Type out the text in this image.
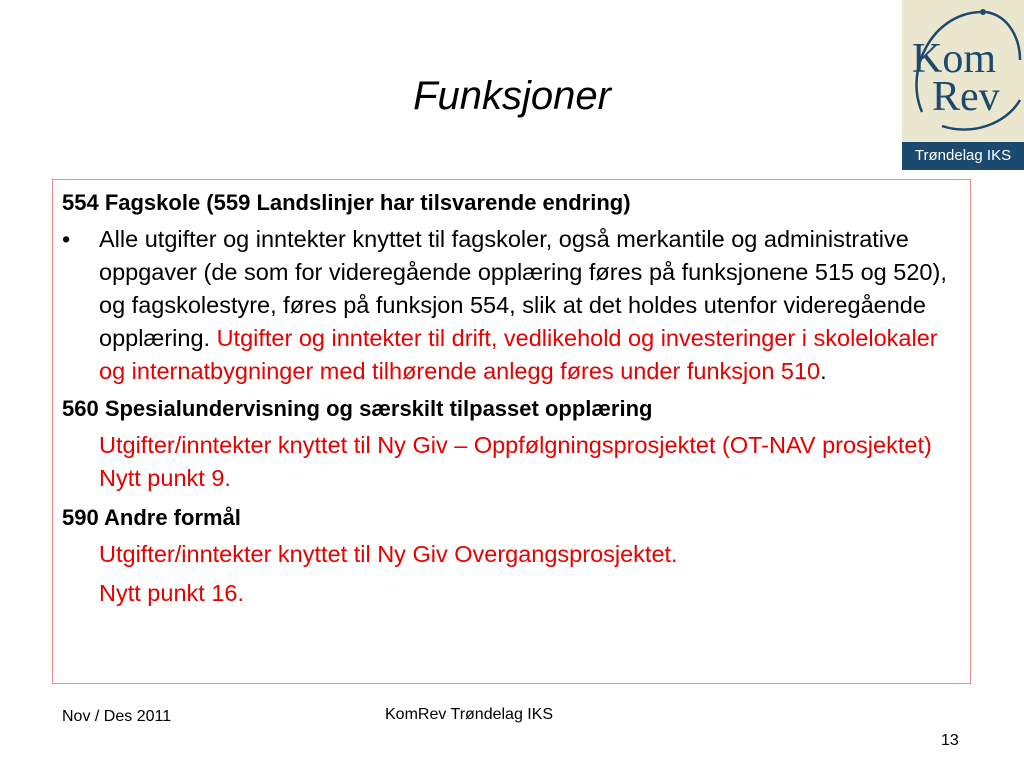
Funksjoner
Kom
Rev
Trøndelag IKS

554 Fagskole (559 Landslinjer har tilsvarende endring)

• Alle utgifter og inntekter knyttet til fagskoler, også merkantile og administrative oppgaver (de som for videregående opplæring føres på funksjonene 515 og 520), og fagskolestyre, føres på funksjon 554, slik at det holdes utenfor videregående opplæring. Utgifter og inntekter til drift, vedlikehold og investeringer i skolelokaler og internatbygninger med tilhørende anlegg føres under funksjon 510.

560 Spesialundervisning og særskilt tilpasset opplæring

Utgifter/inntekter knyttet til Ny Giv – Oppfølgningsprosjektet (OT-NAV prosjektet) Nytt punkt 9.

590 Andre formål

Utgifter/inntekter knyttet til Ny Giv Overgangsprosjektet.

Nytt punkt 16.

Nov / Des 2011	KomRev Trøndelag IKS
13
